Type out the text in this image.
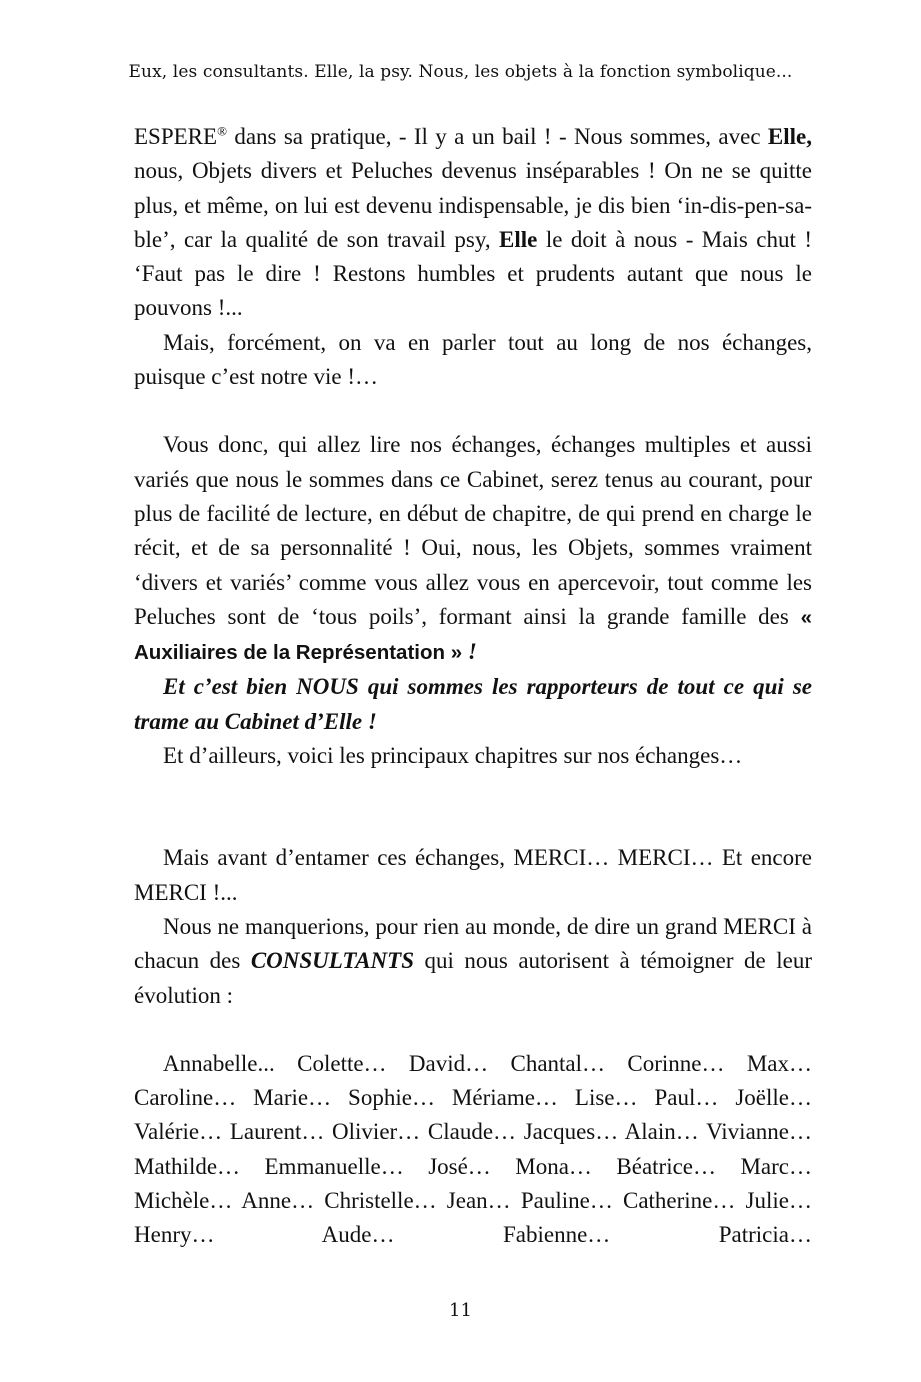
Eux, les consultants. Elle, la psy. Nous, les objets à la fonction symbolique...

ESPERE® dans sa pratique, - Il y a un bail ! - Nous sommes, avec Elle, nous, Objets divers et Peluches devenus inséparables ! On ne se quitte plus, et même, on lui est devenu indispensable, je dis bien ‘in-dis-pen-sa-ble’, car la qualité de son travail psy, Elle le doit à nous - Mais chut ! ‘Faut pas le dire ! Restons humbles et prudents autant que nous le pouvons !...

Mais, forcément, on va en parler tout au long de nos échanges, puisque c’est notre vie !…

Vous donc, qui allez lire nos échanges, échanges multiples et aussi variés que nous le sommes dans ce Cabinet, serez tenus au courant, pour plus de facilité de lecture, en début de chapitre, de qui prend en charge le récit, et de sa personnalité ! Oui, nous, les Objets, sommes vraiment ‘divers et variés’ comme vous allez vous en apercevoir, tout comme les Peluches sont de ‘tous poils’, formant ainsi la grande famille des « Auxiliaires de la Représentation » !

Et c’est bien NOUS qui sommes les rapporteurs de tout ce qui se trame au Cabinet d’Elle !

Et d’ailleurs, voici les principaux chapitres sur nos échanges…

Mais avant d’entamer ces échanges, MERCI… MERCI… Et encore MERCI !...

Nous ne manquerions, pour rien au monde, de dire un grand MERCI à chacun des CONSULTANTS qui nous autorisent à témoigner de leur évolution :

Annabelle... Colette… David… Chantal… Corinne… Max… Caroline… Marie… Sophie… Mériame… Lise… Paul… Joëlle… Valérie… Laurent… Olivier… Claude… Jacques… Alain… Vivianne… Mathilde… Emmanuelle… José… Mona… Béatrice… Marc… Michèle… Anne… Christelle… Jean… Pauline… Catherine… Julie… Henry… Aude… Fabienne… Patricia…

11
